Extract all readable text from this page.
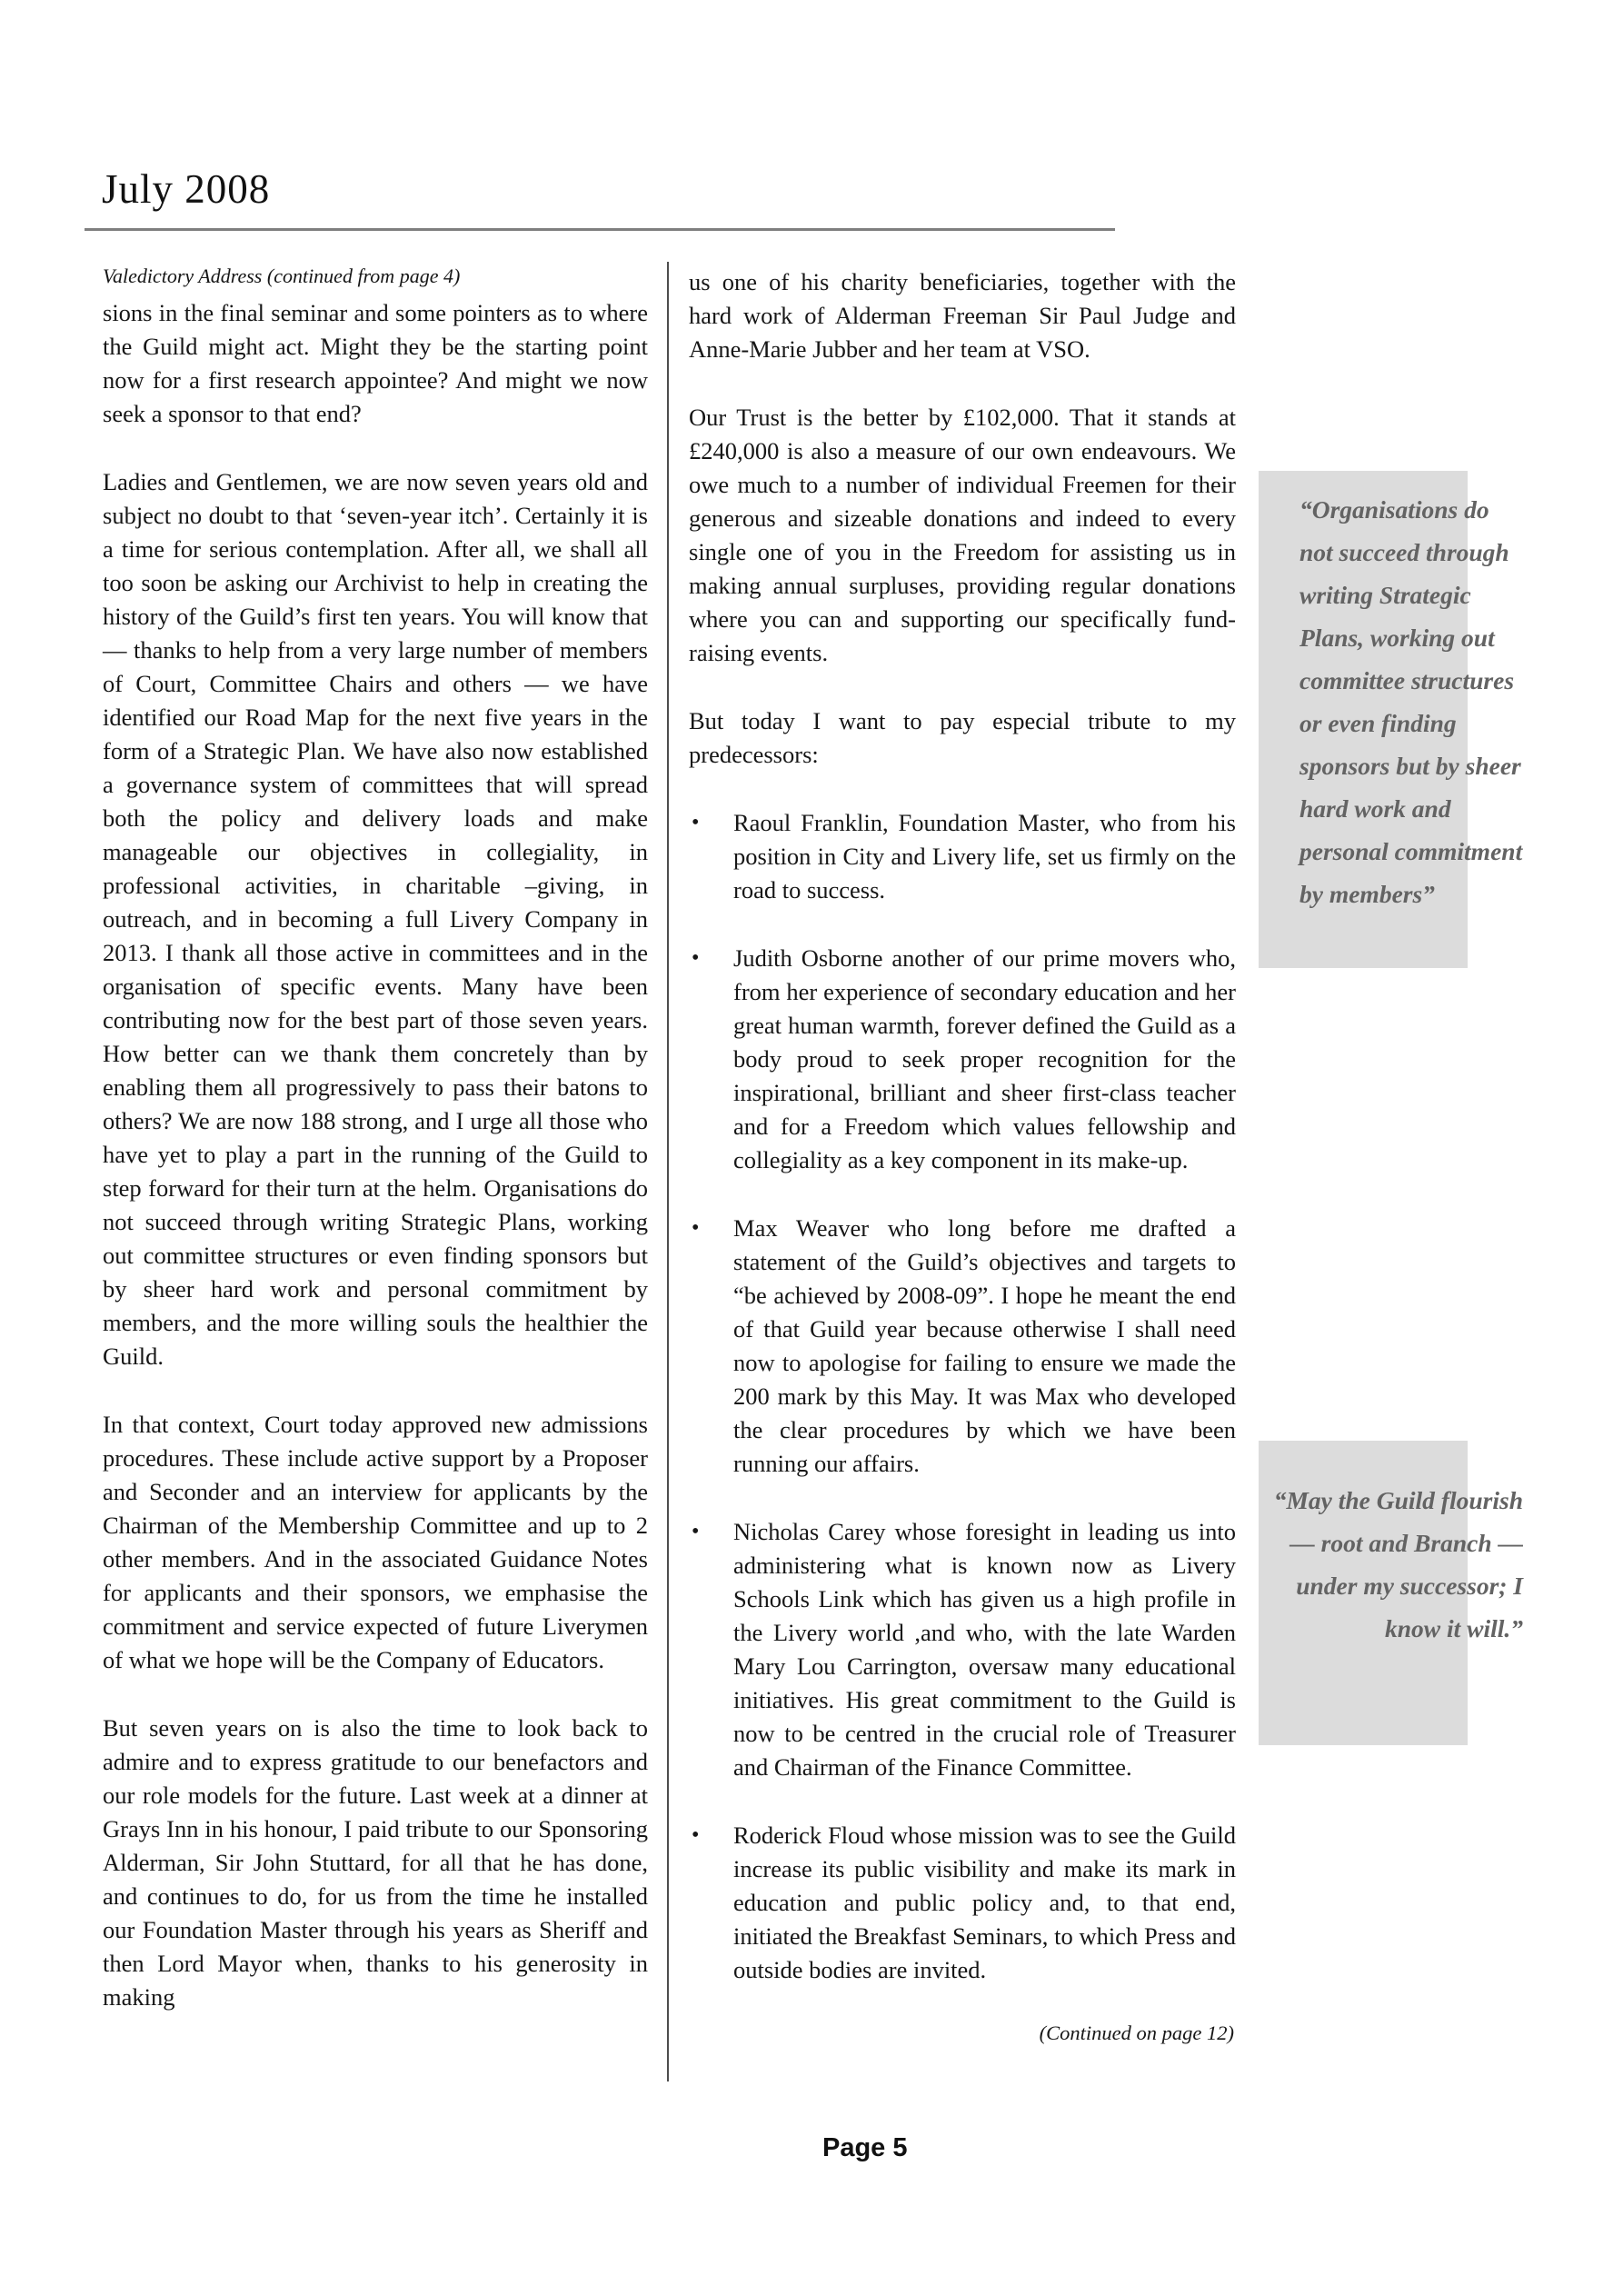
July 2008

Valedictory Address (continued from page 4)

sions in the final seminar and some pointers as to where the Guild might act. Might they be the starting point now for a first research appointee? And might we now seek a sponsor to that end?

Ladies and Gentlemen, we are now seven years old and subject no doubt to that ‘seven-year itch’. Certainly it is a time for serious contemplation. After all, we shall all too soon be asking our Archivist to help in creating the history of the Guild’s first ten years. You will know that — thanks to help from a very large number of members of Court, Committee Chairs and others — we have identified our Road Map for the next five years in the form of a Strategic Plan. We have also now established a governance system of committees that will spread both the policy and delivery loads and make manageable our objectives in collegiality, in professional activities, in charitable –giving, in outreach, and in becoming a full Livery Company in 2013. I thank all those active in committees and in the organisation of specific events. Many have been contributing now for the best part of those seven years. How better can we thank them concretely than by enabling them all progressively to pass their batons to others? We are now 188 strong, and I urge all those who have yet to play a part in the running of the Guild to step forward for their turn at the helm. Organisations do not succeed through writing Strategic Plans, working out committee structures or even finding sponsors but by sheer hard work and personal commitment by members, and the more willing souls the healthier the Guild.

In that context, Court today approved new admissions procedures. These include active support by a Proposer and Seconder and an interview for applicants by the Chairman of the Membership Committee and up to 2 other members. And in the associated Guidance Notes for applicants and their sponsors, we emphasise the commitment and service expected of future Liverymen of what we hope will be the Company of Educators.

But seven years on is also the time to look back to admire and to express gratitude to our benefactors and our role models for the future. Last week at a dinner at Grays Inn in his honour, I paid tribute to our Sponsoring Alderman, Sir John Stuttard, for all that he has done, and continues to do, for us from the time he installed our Foundation Master through his years as Sheriff and then Lord Mayor when, thanks to his generosity in making

us one of his charity beneficiaries, together with the hard work of Alderman Freeman Sir Paul Judge and Anne-Marie Jubber and her team at VSO.

Our Trust is the better by £102,000. That it stands at £240,000 is also a measure of our own endeavours. We owe much to a number of individual Freemen for their generous and sizeable donations and indeed to every single one of you in the Freedom for assisting us in making annual surpluses, providing regular donations where you can and supporting our specifically fund-raising events.

But today I want to pay especial tribute to my predecessors:

•	Raoul Franklin, Foundation Master, who from his position in City and Livery life, set us firmly on the road to success.
•	Judith Osborne another of our prime movers who, from her experience of secondary education and her great human warmth, forever defined the Guild as a body proud to seek proper recognition for the inspirational, brilliant and sheer first-class teacher and for a Freedom which values fellowship and collegiality as a key component in its make-up.
•	Max Weaver who long before me drafted a statement of the Guild’s objectives and targets to “be achieved by 2008-09”. I hope he meant the end of that Guild year because otherwise I shall need now to apologise for failing to ensure we made the 200 mark by this May. It was Max who developed the clear procedures by which we have been running our affairs.
•	Nicholas Carey whose foresight in leading us into administering what is known now as Livery Schools Link which has given us a high profile in the Livery world ,and who, with the late Warden Mary Lou Carrington, oversaw many educational initiatives. His great commitment to the Guild is now to be centred in the crucial role of Treasurer and Chairman of the Finance Committee.
•	Roderick Floud whose mission was to see the Guild increase its public visibility and make its mark in education and public policy and, to that end, initiated the Breakfast Seminars, to which Press and outside bodies are invited.

(Continued on page 12)

“Organisations do not succeed through writing Strategic Plans, working out committee structures or even finding sponsors but by sheer hard work and personal commitment by members”
“May the Guild flourish — root and Branch — under my successor; I know it will.”

Page 5
